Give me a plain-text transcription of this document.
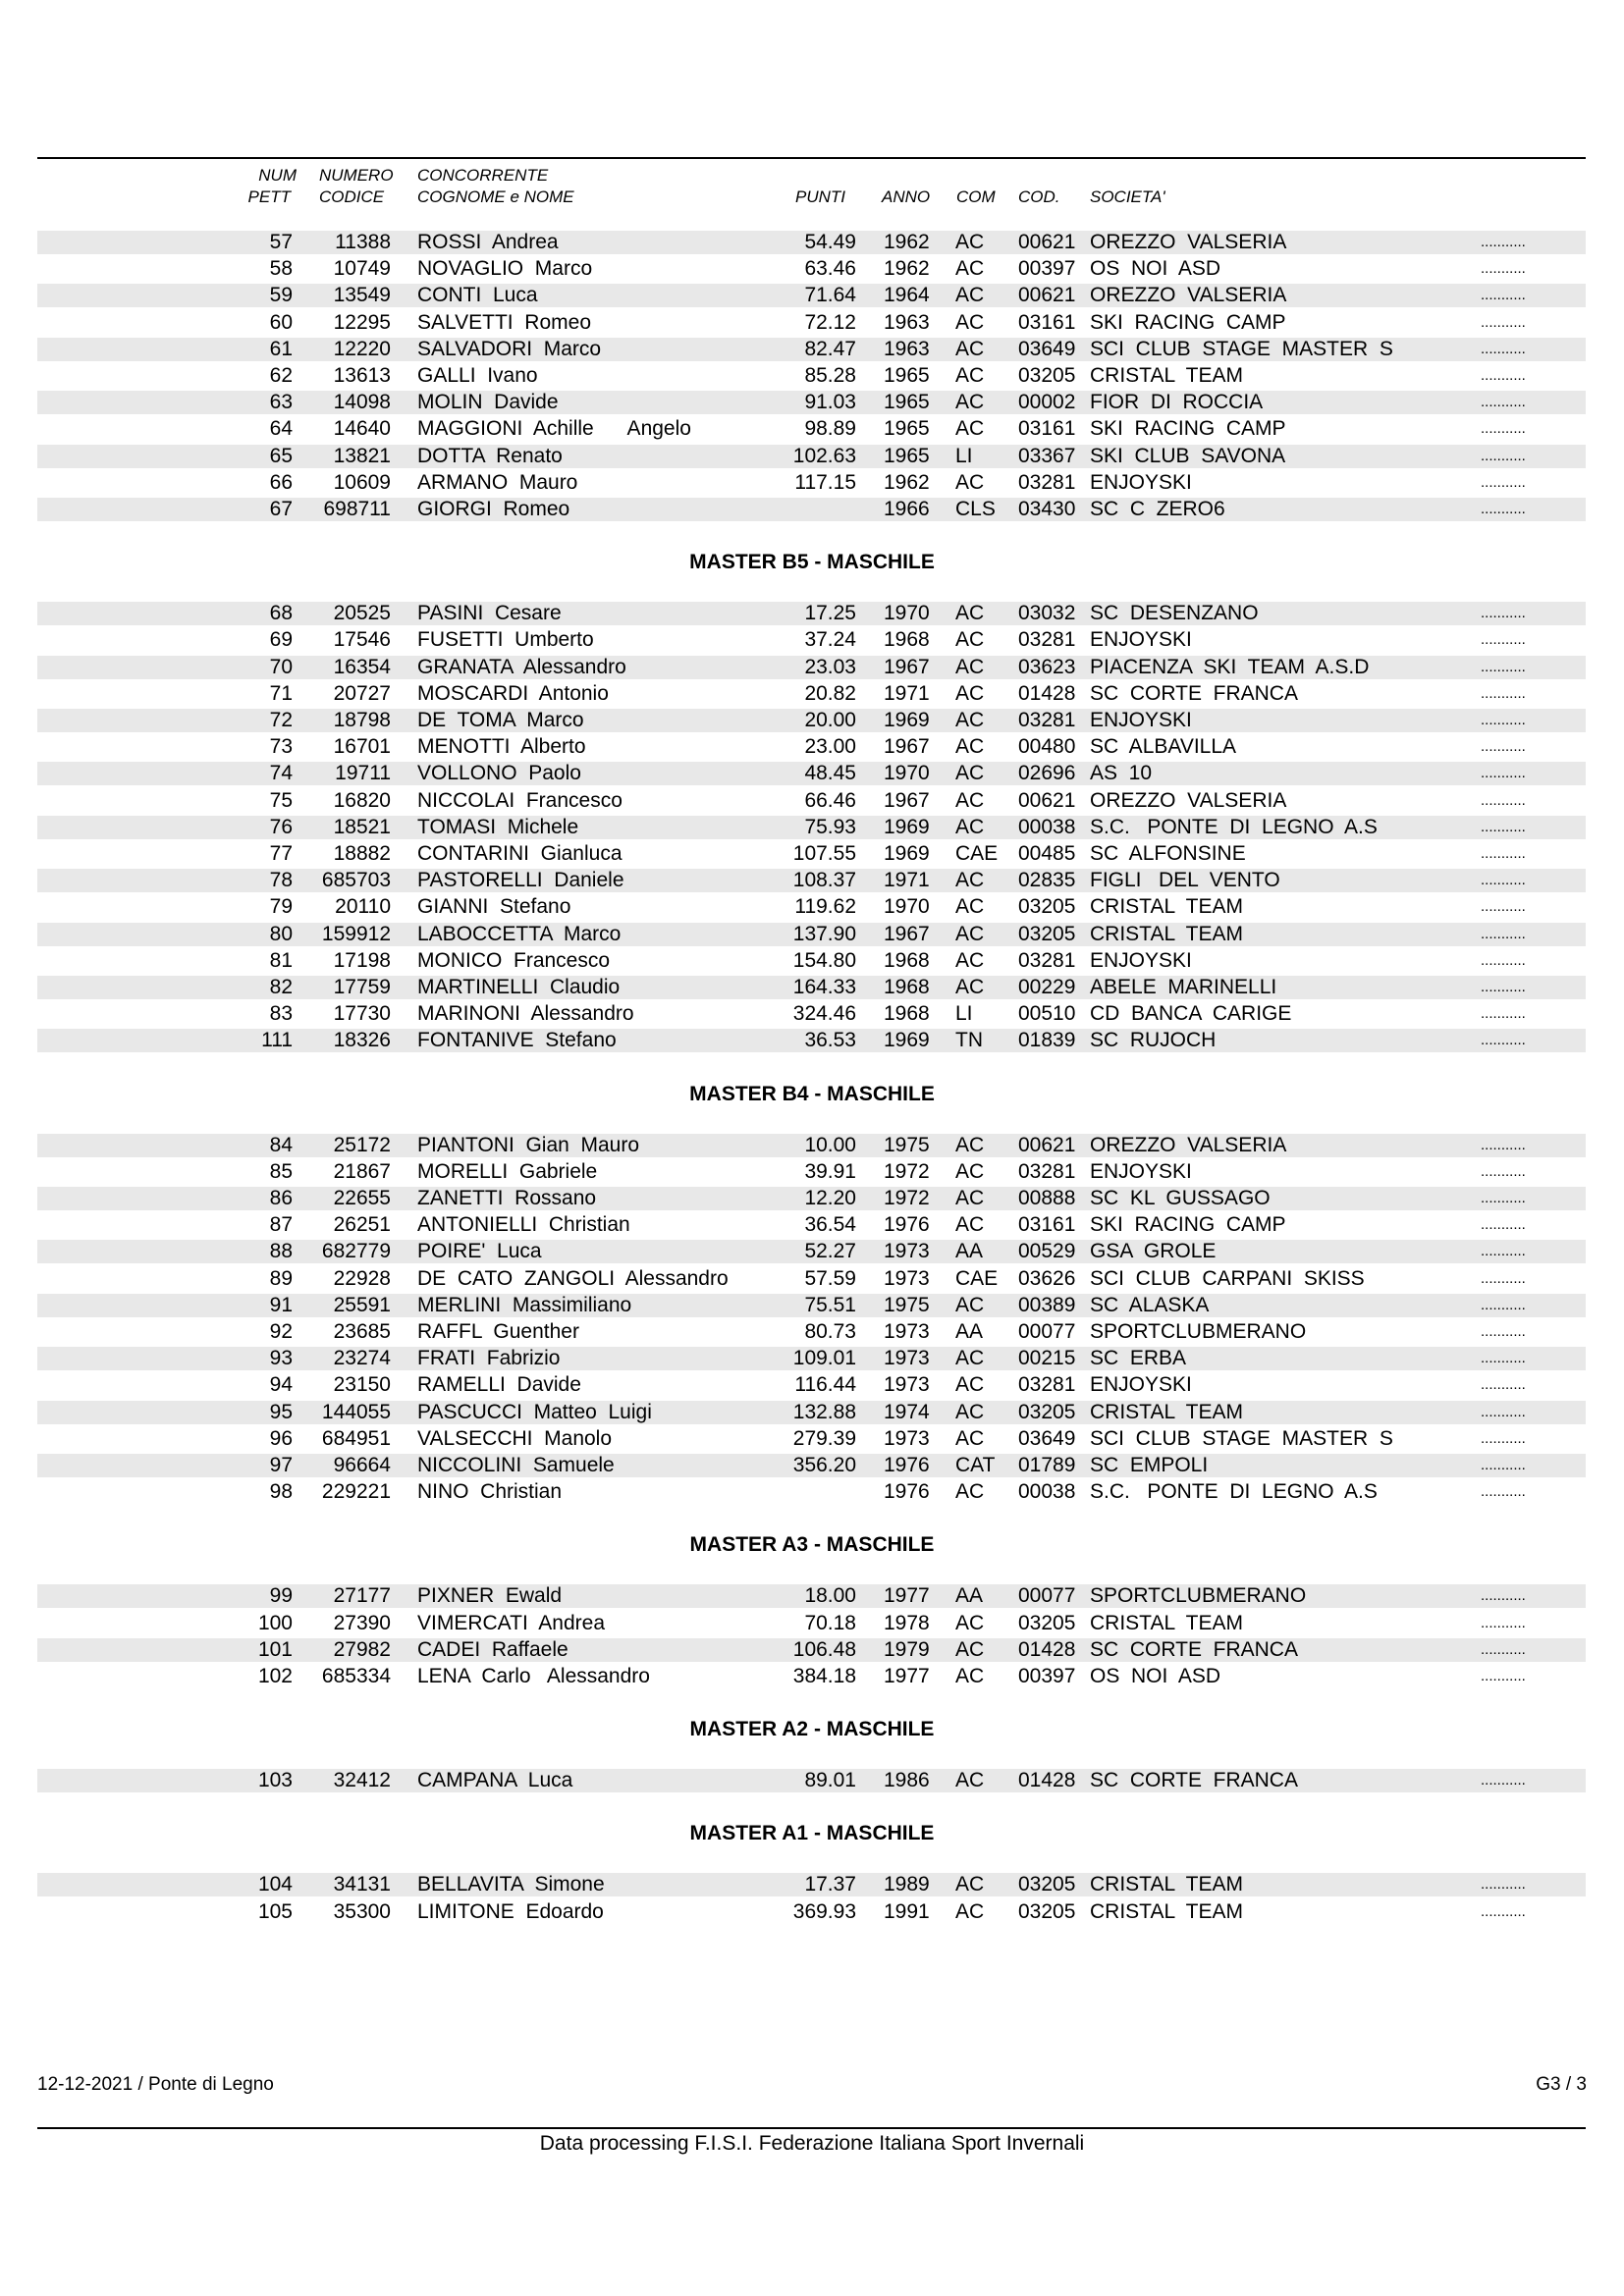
NUM
PETT
NUMERO
CODICE
CONCORRENTE
COGNOME e NOME	PUNTI ANNO COM COD. SOCIETA'
57	11388 ROSSI  Andrea	54.49 1962	AC	00621 OREZZO  VALSERIA	...........
58	10749 NOVAGLIO  Marco	63.46 1962	AC	00397 OS  NOI  ASD	...........
59	13549 CONTI  Luca	71.64 1964	AC	00621 OREZZO  VALSERIA	...........
60	12295 SALVETTI  Romeo	72.12 1963	AC	03161 SKI  RACING  CAMP	...........
61	12220 SALVADORI  Marco	82.47 1963	AC	03649 SCI  CLUB  STAGE  MASTER  S	...........
62	13613 GALLI  Ivano	85.28 1965	AC	03205 CRISTAL  TEAM	...........
63	14098 MOLIN  Davide	91.03 1965	AC	00002 FIOR  DI  ROCCIA	...........
64	14640 MAGGIONI  Achille      Angelo	98.89 1965	AC	03161 SKI  RACING  CAMP	...........
65	13821 DOTTA  Renato	102.63 1965	LI	03367 SKI  CLUB  SAVONA	...........
66	10609 ARMANO  Mauro	117.15 1962	AC	03281 ENJOYSKI	...........
67	698711 GIORGI  Romeo	1966	CLS	03430 SC  C  ZERO6	...........
MASTER B5 - MASCHILE
68	20525 PASINI  Cesare	17.25 1970	AC	03032 SC  DESENZANO	...........
69	17546 FUSETTI  Umberto	37.24 1968	AC	03281 ENJOYSKI	...........
70	16354 GRANATA  Alessandro	23.03 1967	AC	03623 PIACENZA  SKI  TEAM  A.S.D	...........
71	20727 MOSCARDI  Antonio	20.82 1971	AC	01428 SC  CORTE  FRANCA	...........
72	18798 DE  TOMA  Marco	20.00 1969	AC	03281 ENJOYSKI	...........
73	16701 MENOTTI  Alberto	23.00 1967	AC	00480 SC  ALBAVILLA	...........
74	19711 VOLLONO  Paolo	48.45 1970	AC	02696 AS  10	...........
75	16820 NICCOLAI  Francesco	66.46 1967	AC	00621 OREZZO  VALSERIA	...........
76	18521 TOMASI  Michele	75.93 1969	AC	00038 S.C.   PONTE  DI  LEGNO  A.S	...........
77	18882 CONTARINI  Gianluca	107.55 1969	CAE 00485 SC  ALFONSINE	...........
78	685703 PASTORELLI  Daniele	108.37 1971	AC	02835 FIGLI   DEL  VENTO	...........
79	20110 GIANNI  Stefano	119.62 1970	AC	03205 CRISTAL  TEAM	...........
80	159912 LABOCCETTA  Marco	137.90 1967	AC	03205 CRISTAL  TEAM	...........
81	17198 MONICO  Francesco	154.80 1968	AC	03281 ENJOYSKI	...........
82	17759 MARTINELLI  Claudio	164.33 1968	AC	00229 ABELE  MARINELLI	...........
83	17730 MARINONI  Alessandro	324.46 1968	LI	00510 CD  BANCA  CARIGE	...........
111	18326 FONTANIVE  Stefano	36.53 1969	TN	01839 SC  RUJOCH	...........
MASTER B4 - MASCHILE
84	25172 PIANTONI  Gian  Mauro	10.00 1975	AC	00621 OREZZO  VALSERIA	...........
85	21867 MORELLI  Gabriele	39.91 1972	AC	03281 ENJOYSKI	...........
86	22655 ZANETTI  Rossano	12.20 1972	AC	00888 SC  KL  GUSSAGO	...........
87	26251 ANTONIELLI  Christian	36.54 1976	AC	03161 SKI  RACING  CAMP	...........
88	682779 POIRE'  Luca	52.27 1973	AA	00529 GSA  GROLE	...........
89	22928 DE  CATO  ZANGOLI  Alessandro	57.59 1973	CAE 03626 SCI  CLUB  CARPANI  SKISS	...........
91	25591 MERLINI  Massimiliano	75.51 1975	AC	00389 SC  ALASKA	...........
92	23685 RAFFL  Guenther	80.73 1973	AA	00077 SPORTCLUBMERANO	...........
93	23274 FRATI  Fabrizio	109.01 1973	AC	00215 SC  ERBA	...........
94	23150 RAMELLI  Davide	116.44 1973	AC	03281 ENJOYSKI	...........
95	144055 PASCUCCI  Matteo  Luigi	132.88 1974	AC	03205 CRISTAL  TEAM	...........
96	684951 VALSECCHI  Manolo	279.39 1973	AC	03649 SCI  CLUB  STAGE  MASTER  S	...........
97	96664 NICCOLINI  Samuele	356.20 1976	CAT	01789 SC  EMPOLI	...........
98	229221 NINO  Christian	1976	AC	00038 S.C.   PONTE  DI  LEGNO  A.S	...........
MASTER A3 - MASCHILE
99	27177 PIXNER  Ewald	18.00 1977	AA	00077 SPORTCLUBMERANO	...........
100	27390 VIMERCATI  Andrea	70.18 1978	AC	03205 CRISTAL  TEAM	...........
101	27982 CADEI  Raffaele	106.48 1979	AC	01428 SC  CORTE  FRANCA	...........
102	685334 LENA  Carlo   Alessandro	384.18 1977	AC	00397 OS  NOI  ASD	...........
MASTER A2 - MASCHILE
103	32412 CAMPANA  Luca	89.01 1986	AC	01428 SC  CORTE  FRANCA	...........
MASTER A1 - MASCHILE
104	34131 BELLAVITA  Simone	17.37 1989	AC	03205 CRISTAL  TEAM	...........
105	35300 LIMITONE  Edoardo	369.93 1991	AC	03205 CRISTAL  TEAM	...........
12-12-2021 / Ponte di Legno	G3 / 3
Data processing F.I.S.I. Federazione Italiana Sport Invernali
